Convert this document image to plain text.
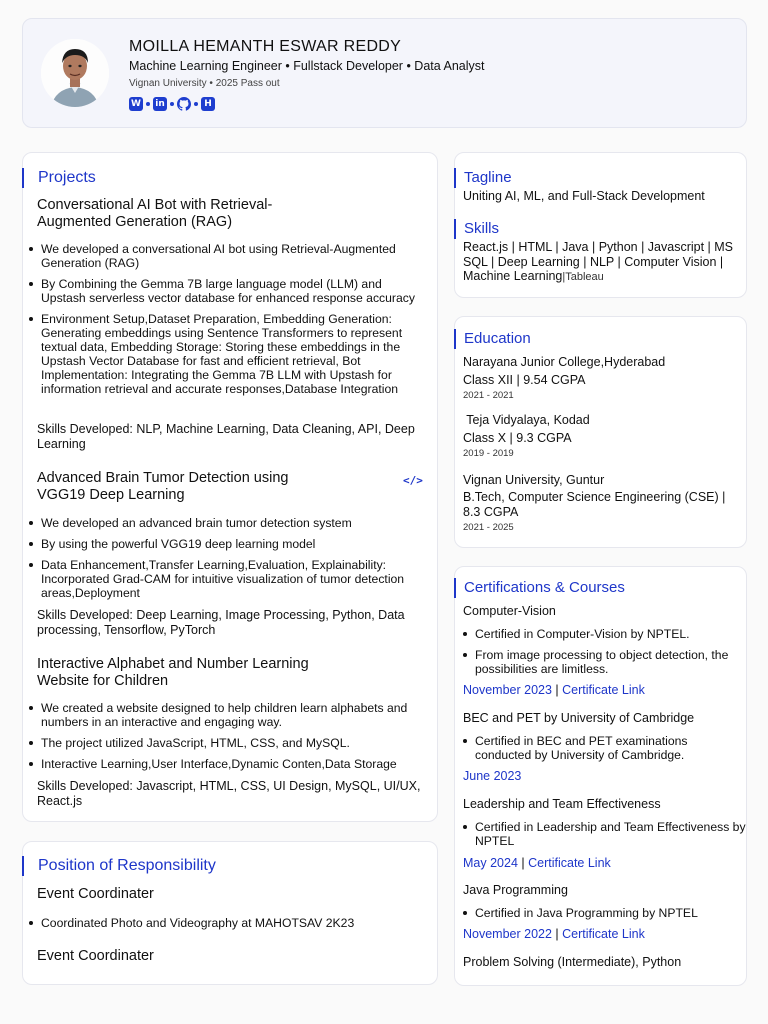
MOILLA HEMANTH ESWAR REDDY
Machine Learning Engineer • Fullstack Developer • Data Analyst
Vignan University • 2025 Pass out
W in	H
Projects
Conversational AI Bot with Retrieval-Augmented Generation (RAG)
We developed a conversational AI bot using Retrieval-Augmented Generation (RAG)
By Combining the Gemma 7B large language model (LLM) and Upstash serverless vector database for enhanced response accuracy
Environment Setup,Dataset Preparation, Embedding Generation: Generating embeddings using Sentence Transformers to represent textual data, Embedding Storage: Storing these embeddings in the Upstash Vector Database for fast and efficient retrieval, Bot Implementation: Integrating the Gemma 7B LLM with Upstash for information retrieval and accurate responses,Database Integration
Skills Developed: NLP, Machine Learning, Data Cleaning, API, Deep Learning
Advanced Brain Tumor Detection using VGG19 Deep Learning
</>
We developed an advanced brain tumor detection system
By using the powerful VGG19 deep learning model
Data Enhancement,Transfer Learning,Evaluation, Explainability: Incorporated Grad-CAM for intuitive visualization of tumor detection areas,Deployment
Skills Developed: Deep Learning, Image Processing, Python, Data processing, Tensorflow, PyTorch
Interactive Alphabet and Number Learning Website for Children
We created a website designed to help children learn alphabets and numbers in an interactive and engaging way.
The project utilized JavaScript, HTML, CSS, and MySQL.
Interactive Learning,User Interface,Dynamic Conten,Data Storage
Skills Developed: Javascript, HTML, CSS, UI Design, MySQL, UI/UX, React.js
Position of Responsibility
Event Coordinater
Coordinated Photo and Videography at MAHOTSAV 2K23
Event Coordinater
Tagline
Uniting AI, ML, and Full-Stack Development
Skills
React.js | HTML | Java | Python | Javascript | MS SQL | Deep Learning | NLP | Computer Vision | Machine Learning|Tableau
Education
Narayana Junior College,Hyderabad
Class XII | 9.54 CGPA
2021 - 2021
Teja Vidyalaya, Kodad
Class X | 9.3 CGPA
2019 - 2019
Vignan University, Guntur
B.Tech, Computer Science Engineering (CSE) | 8.3 CGPA
2021 - 2025
Certifications & Courses
Computer-Vision
Certified in Computer-Vision by NPTEL.
From image processing to object detection, the possibilities are limitless.
November 2023 | Certificate Link
BEC and PET by University of Cambridge
Certified in BEC and PET examinations conducted by University of Cambridge.
June 2023
Leadership and Team Effectiveness
Certified in Leadership and Team Effectiveness by NPTEL
May 2024 | Certificate Link
Java Programming
Certified in Java Programming by NPTEL
November 2022 | Certificate Link
Problem Solving (Intermediate), Python
